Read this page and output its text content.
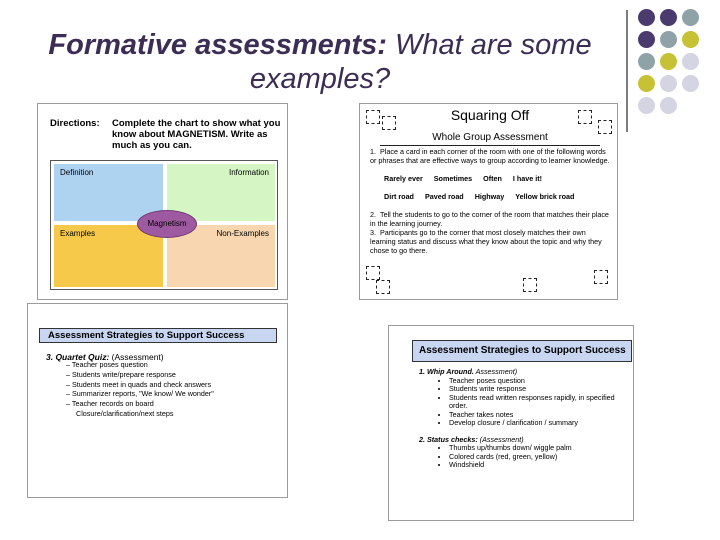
Formative assessments: What are some examples?
Directions: Complete the chart to show what you know about MAGNETISM. Write as much as you can.
Definition	Information
Examples	Non-Examples
Magnetism
Squaring Off
Whole Group Assessment
1.  Place a card in each corner of the room with one of the following words or phrases that are effective ways to group according to learner knowledge.
Rarely ever Sometimes Often I have it!
Dirt road Paved road Highway Yellow brick road
2.  Tell the students to go to the corner of the room that matches their place in the learning journey.
3.  Participants go to the corner that most closely matches their own learning status and discuss what they know about the topic and why they chose to go there.
Assessment Strategies to Support Success
3. Quartet Quiz: (Assessment)
– Teacher poses question
– Students write/prepare response
– Students meet in quads and check answers
– Summarizer reports, "We know/ We wonder"
– Teacher records on board
Closure/clarification/next steps
Assessment Strategies to Support Success
1. Whip Around. Assessment)
• Teacher poses question
• Students write response
• Students read written responses rapidly, in specified order.
• Teacher takes notes
• Develop closure / clarification / summary
2. Status checks: (Assessment)
• Thumbs up/thumbs down/ wiggle palm
• Colored cards (red, green, yellow)
• Windshield
